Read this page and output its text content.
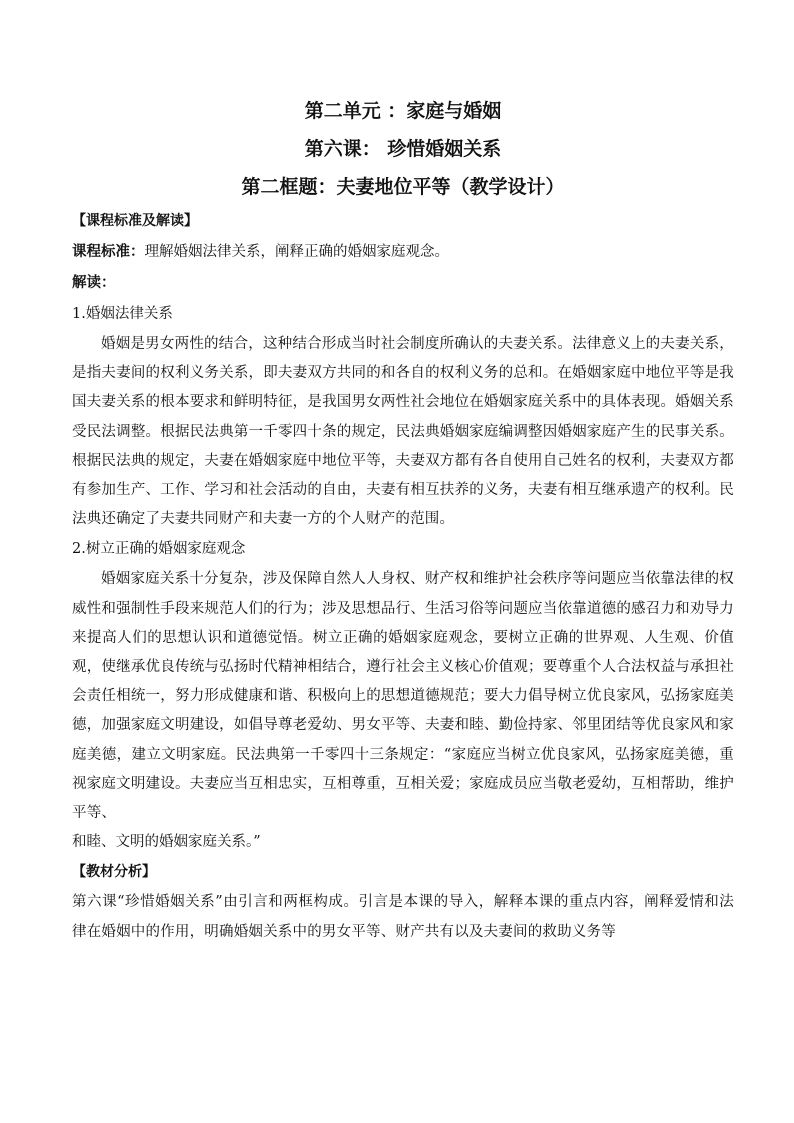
第二单元 ：家庭与婚姻
第六课： 珍惜婚姻关系
第二框题：夫妻地位平等（教学设计）
【课程标准及解读】
课程标准：理解婚姻法律关系，阐释正确的婚姻家庭观念。
解读：
1.婚姻法律关系

婚姻是男女两性的结合，这种结合形成当时社会制度所确认的夫妻关系。法律意义上的夫妻关系，是指夫妻间的权利义务关系，即夫妻双方共同的和各自的权利义务的总和。在婚姻家庭中地位平等是我国夫妻关系的根本要求和鲜明特征，是我国男女两性社会地位在婚姻家庭关系中的具体表现。婚姻关系受民法调整。根据民法典第一千零四十条的规定，民法典婚姻家庭编调整因婚姻家庭产生的民事关系。根据民法典的规定，夫妻在婚姻家庭中地位平等，夫妻双方都有各自使用自己姓名的权利，夫妻双方都有参加生产、工作、学习和社会活动的自由，夫妻有相互扶养的义务，夫妻有相互继承遗产的权利。民法典还确定了夫妻共同财产和夫妻一方的个人财产的范围。

2.树立正确的婚姻家庭观念

婚姻家庭关系十分复杂，涉及保障自然人人身权、财产权和维护社会秩序等问题应当依靠法律的权威性和强制性手段来规范人们的行为；涉及思想品行、生活习俗等问题应当依靠道德的感召力和劝导力来提高人们的思想认识和道德觉悟。树立正确的婚姻家庭观念，要树立正确的世界观、人生观、价值观，使继承优良传统与弘扬时代精神相结合，遵行社会主义核心价值观；要尊重个人合法权益与承担社会责任相统一，努力形成健康和谐、积极向上的思想道德规范；要大力倡导树立优良家风，弘扬家庭美德，加强家庭文明建设，如倡导尊老爱幼、男女平等、夫妻和睦、勤俭持家、邻里团结等优良家风和家庭美德，建立文明家庭。民法典第一千零四十三条规定：“家庭应当树立优良家风，弘扬家庭美德，重视家庭文明建设。夫妻应当互相忠实，互相尊重，互相关爱；家庭成员应当敬老爱幼，互相帮助，维护平等、

和睦、文明的婚姻家庭关系。”

【教材分析】

第六课“珍惜婚姻关系”由引言和两框构成。引言是本课的导入，解释本课的重点内容，阐释爱情和法律在婚姻中的作用，明确婚姻关系中的男女平等、财产共有以及夫妻间的救助义务等
